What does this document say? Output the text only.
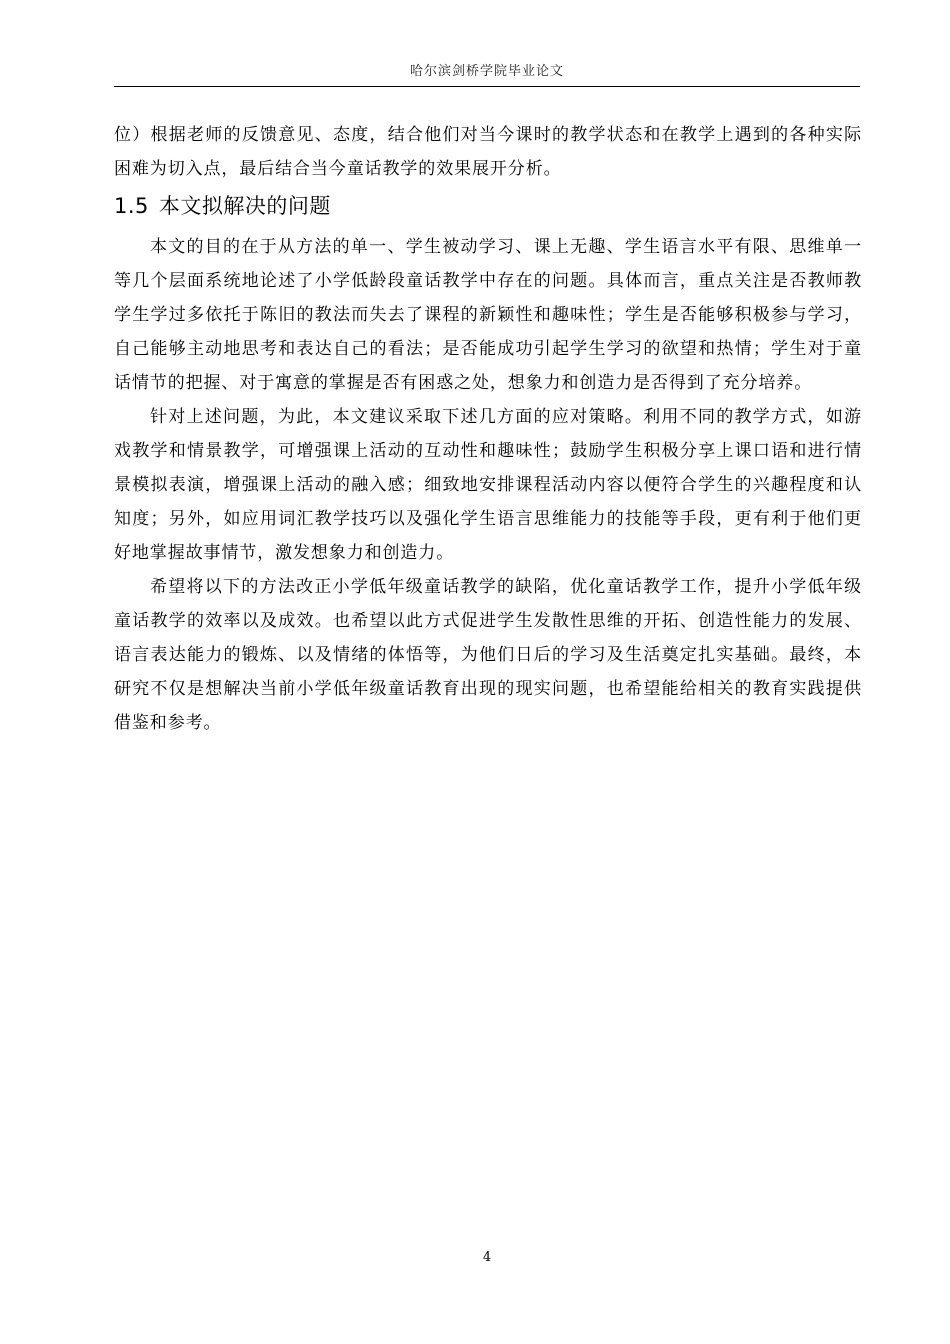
哈尔滨剑桥学院毕业论文

位）根据老师的反馈意见、态度，结合他们对当今课时的教学状态和在教学上遇到的各种实际困难为切入点，最后结合当今童话教学的效果展开分析。

1.5 本文拟解决的问题

本文的目的在于从方法的单一、学生被动学习、课上无趣、学生语言水平有限、思维单一等几个层面系统地论述了小学低龄段童话教学中存在的问题。具体而言，重点关注是否教师教学生学过多依托于陈旧的教法而失去了课程的新颖性和趣味性；学生是否能够积极参与学习，自己能够主动地思考和表达自己的看法；是否能成功引起学生学习的欲望和热情；学生对于童话情节的把握、对于寓意的掌握是否有困惑之处，想象力和创造力是否得到了充分培养。

针对上述问题，为此，本文建议采取下述几方面的应对策略。利用不同的教学方式，如游戏教学和情景教学，可增强课上活动的互动性和趣味性；鼓励学生积极分享上课口语和进行情景模拟表演，增强课上活动的融入感；细致地安排课程活动内容以便符合学生的兴趣程度和认知度；另外，如应用词汇教学技巧以及强化学生语言思维能力的技能等手段，更有利于他们更好地掌握故事情节，激发想象力和创造力。

希望将以下的方法改正小学低年级童话教学的缺陷，优化童话教学工作，提升小学低年级童话教学的效率以及成效。也希望以此方式促进学生发散性思维的开拓、创造性能力的发展、语言表达能力的锻炼、以及情绪的体悟等，为他们日后的学习及生活奠定扎实基础。最终，本研究不仅是想解决当前小学低年级童话教育出现的现实问题，也希望能给相关的教育实践提供借鉴和参考。

4
